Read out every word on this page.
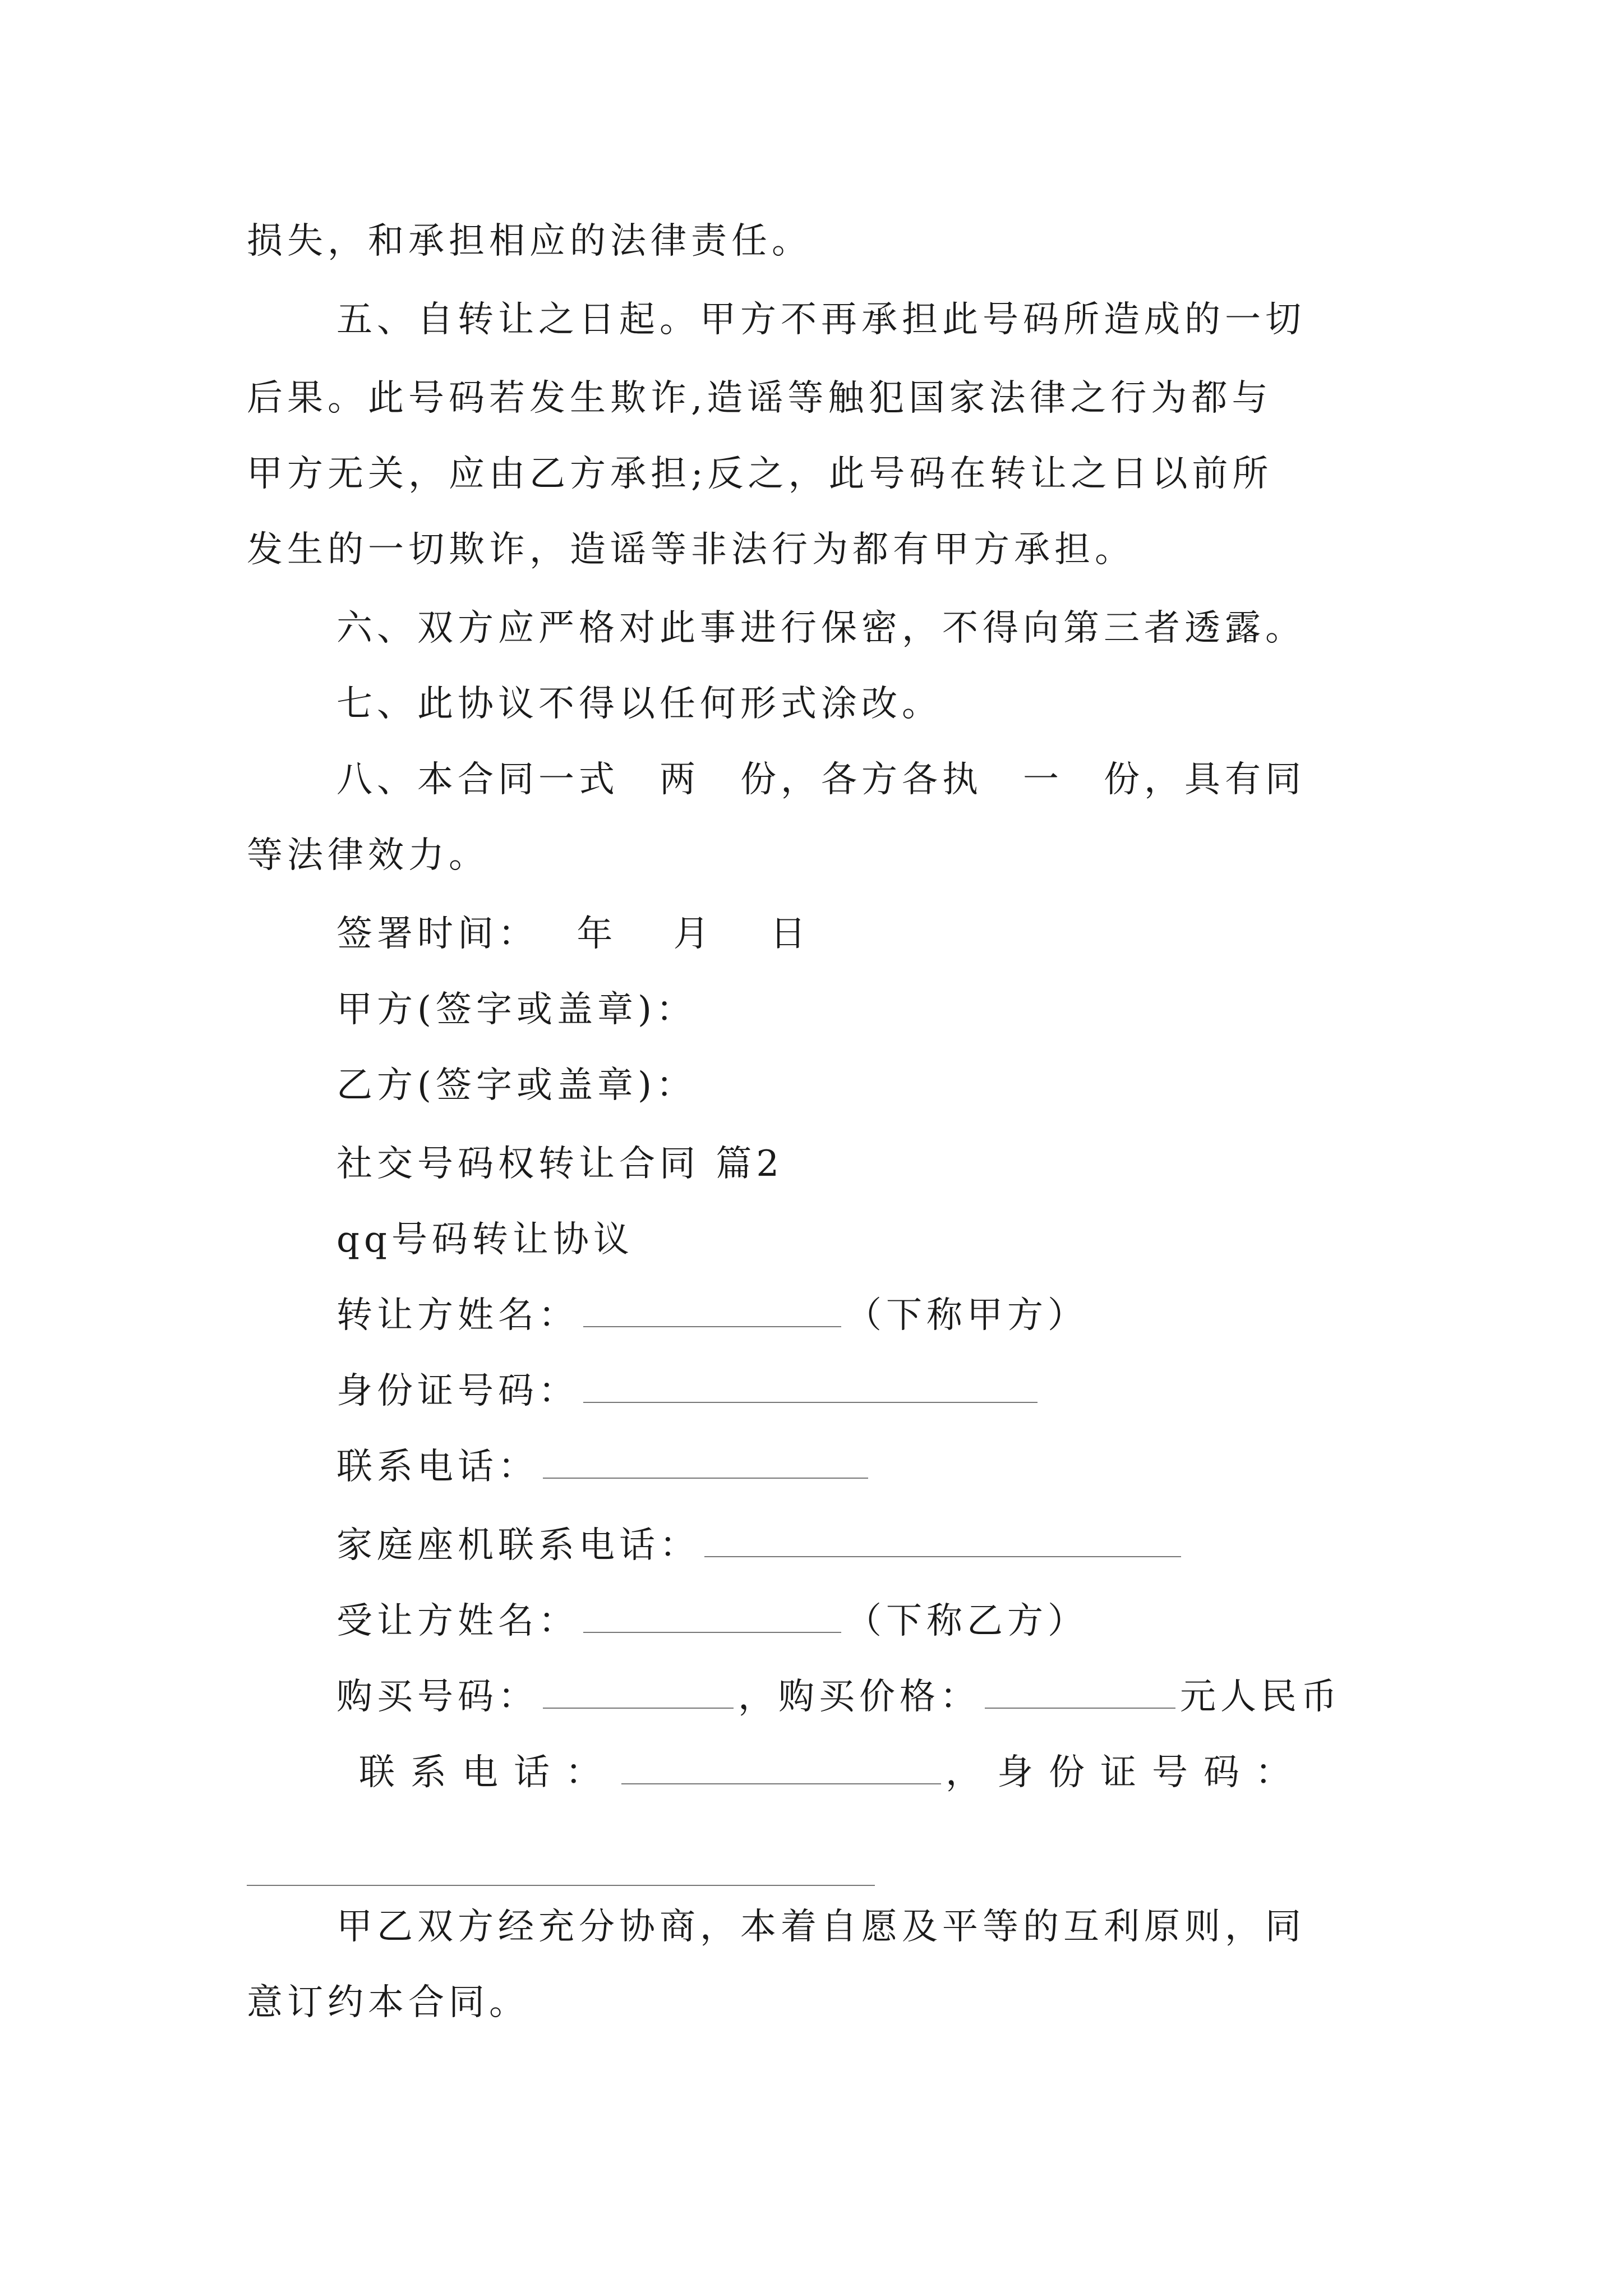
损失，和承担相应的法律责任。
五、自转让之日起。甲方不再承担此号码所造成的一切
后果。此号码若发生欺诈,造谣等触犯国家法律之行为都与
甲方无关，应由乙方承担;反之，此号码在转让之日以前所
发生的一切欺诈，造谣等非法行为都有甲方承担。
六、双方应严格对此事进行保密，不得向第三者透露。
七、此协议不得以任何形式涂改。
八、本合同一式　两　份，各方各执　一　份，具有同
等法律效力。
签署时间：　 年　 月　 日
甲方(签字或盖章)：
乙方(签字或盖章)：
社交号码权转让合同 篇2
qq号码转让协议
转让方姓名：	（下称甲方）
身份证号码：
联系电话：
家庭座机联系电话：
受让方姓名：	（下称乙方）
购买号码：	，购买价格：	元人民币
联系电话：	，身份证号码：
甲乙双方经充分协商，本着自愿及平等的互利原则，同
意订约本合同。
